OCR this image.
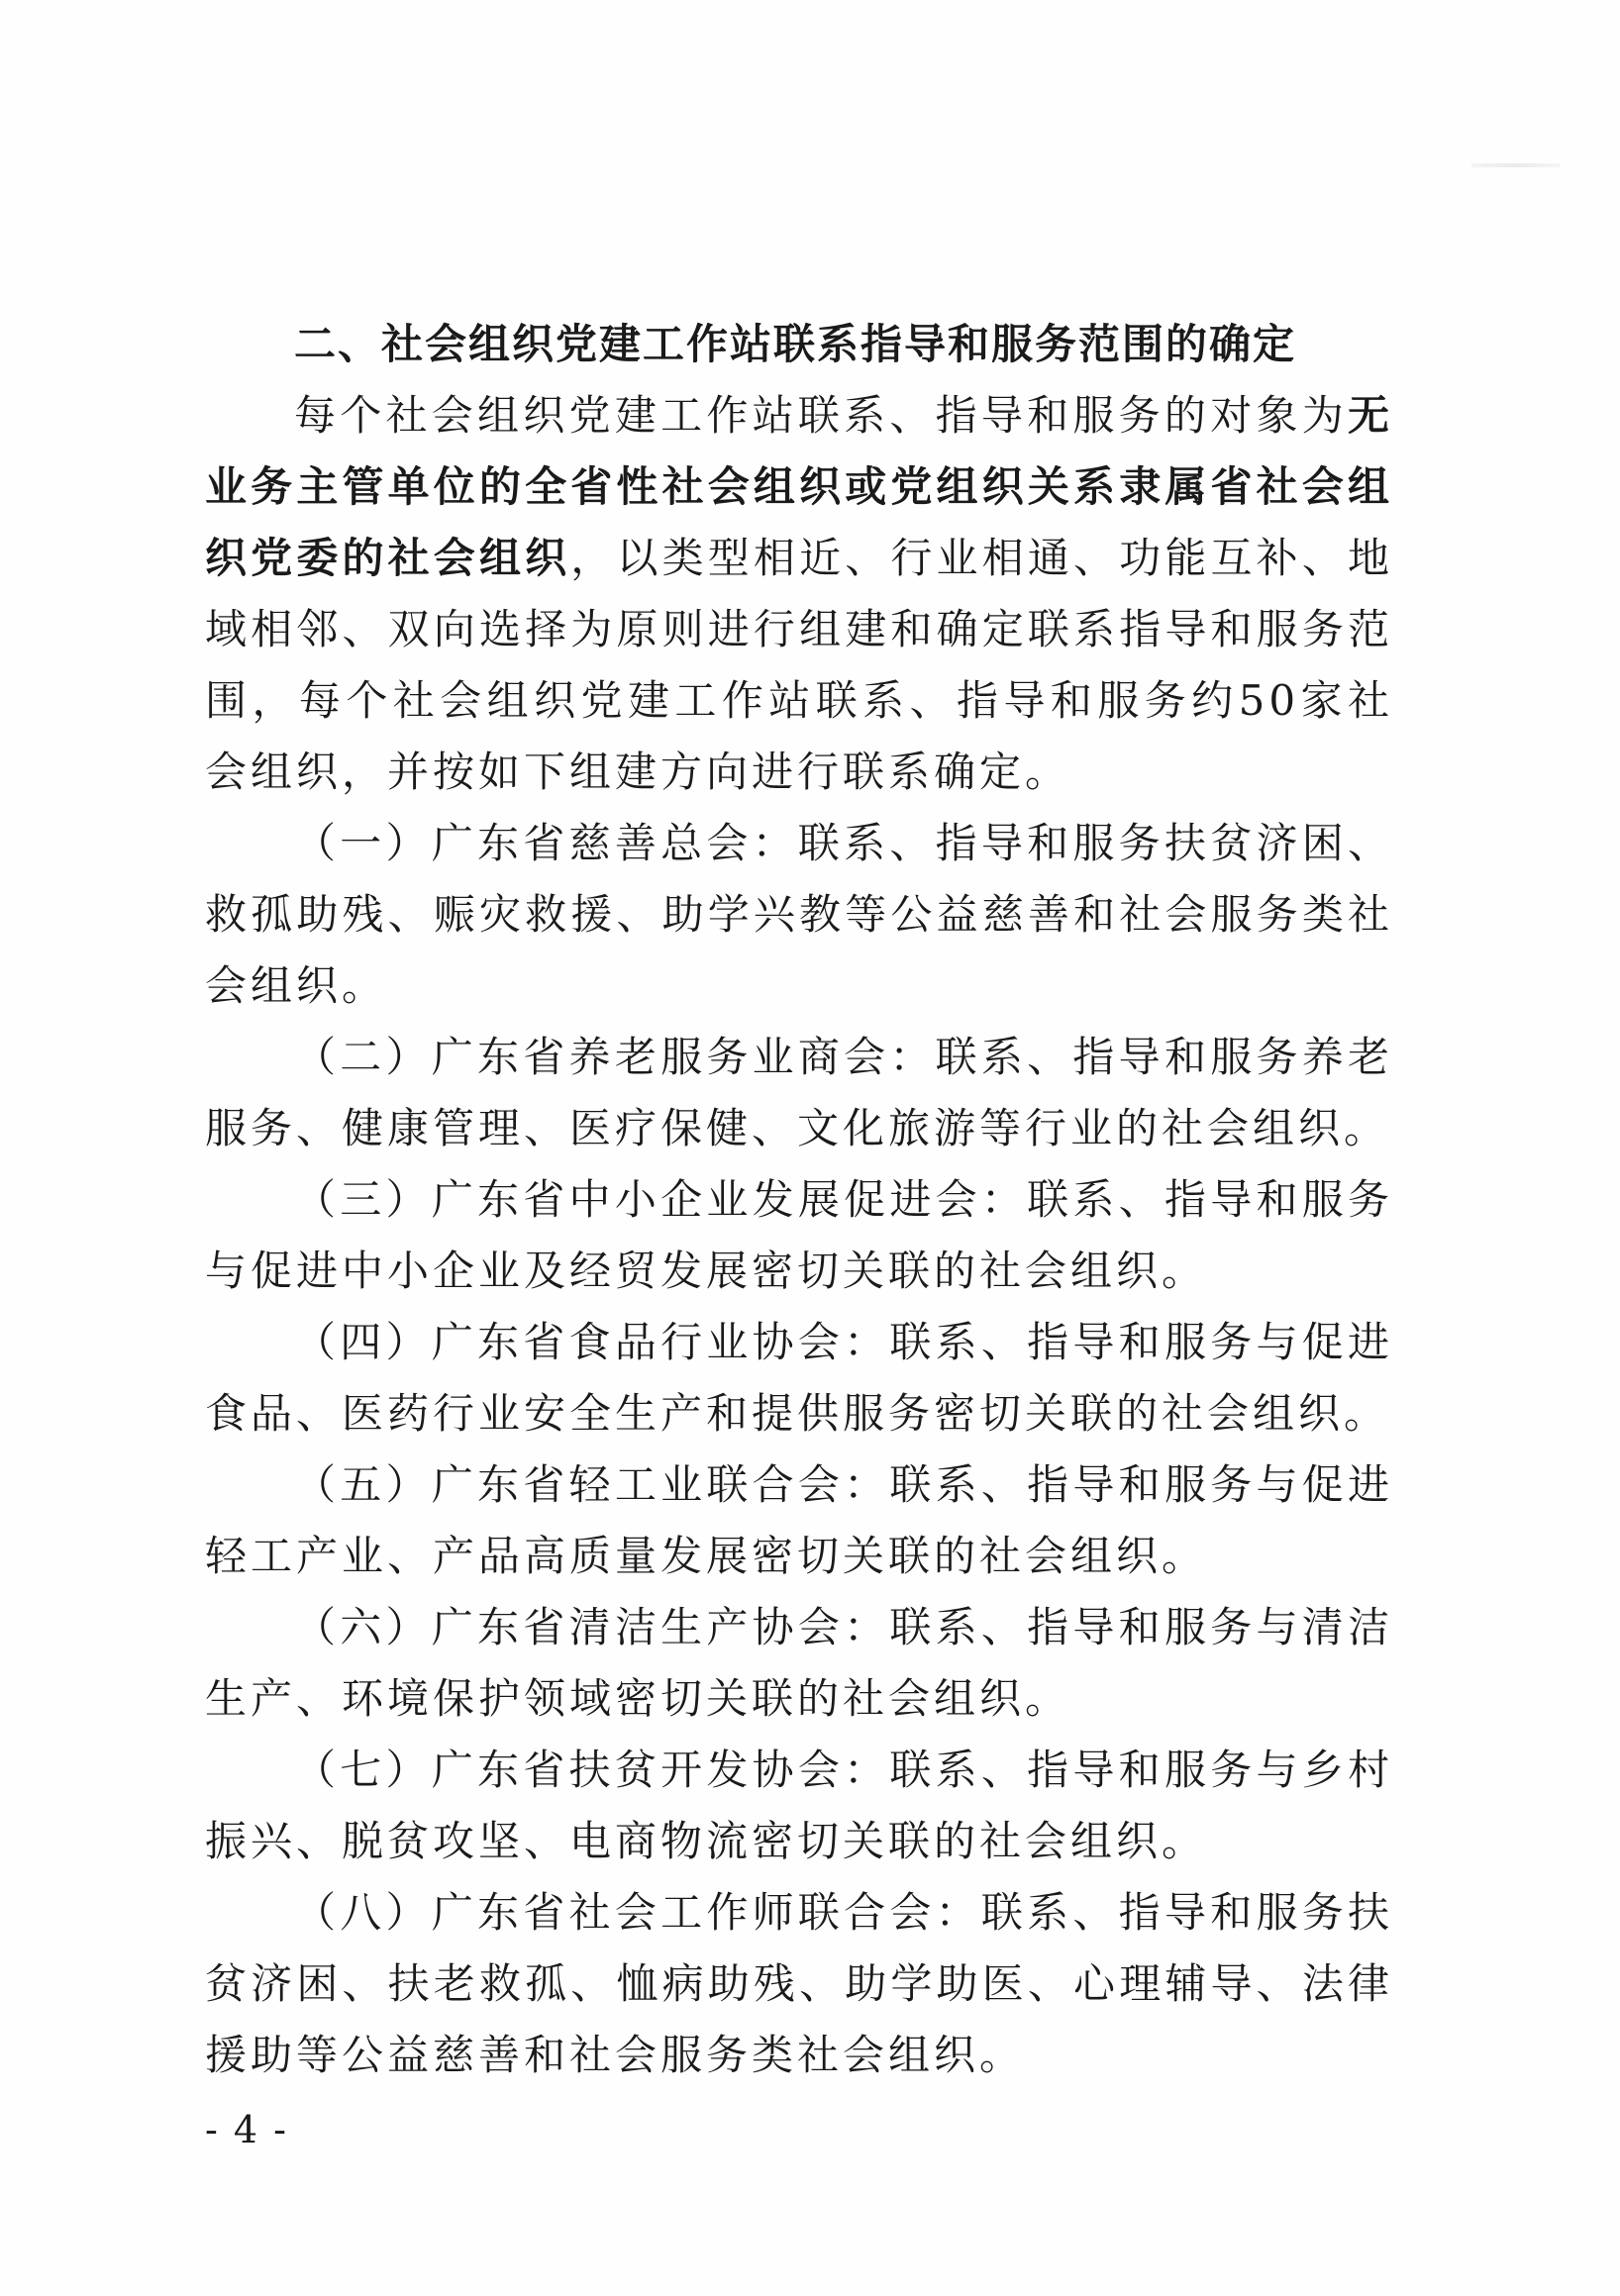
二、社会组织党建工作站联系指导和服务范围的确定

每个社会组织党建工作站联系、指导和服务的对象为无业务主管单位的全省性社会组织或党组织关系隶属省社会组织党委的社会组织，以类型相近、行业相通、功能互补、地域相邻、双向选择为原则进行组建和确定联系指导和服务范围，每个社会组织党建工作站联系、指导和服务约50家社会组织，并按如下组建方向进行联系确定。

（一）广东省慈善总会：联系、指导和服务扶贫济困、救孤助残、赈灾救援、助学兴教等公益慈善和社会服务类社会组织。

（二）广东省养老服务业商会：联系、指导和服务养老服务、健康管理、医疗保健、文化旅游等行业的社会组织。

（三）广东省中小企业发展促进会：联系、指导和服务与促进中小企业及经贸发展密切关联的社会组织。

（四）广东省食品行业协会：联系、指导和服务与促进食品、医药行业安全生产和提供服务密切关联的社会组织。

（五）广东省轻工业联合会：联系、指导和服务与促进轻工产业、产品高质量发展密切关联的社会组织。

（六）广东省清洁生产协会：联系、指导和服务与清洁生产、环境保护领域密切关联的社会组织。

（七）广东省扶贫开发协会：联系、指导和服务与乡村振兴、脱贫攻坚、电商物流密切关联的社会组织。

（八）广东省社会工作师联合会：联系、指导和服务扶贫济困、扶老救孤、恤病助残、助学助医、心理辅导、法律援助等公益慈善和社会服务类社会组织。

- 4 -
